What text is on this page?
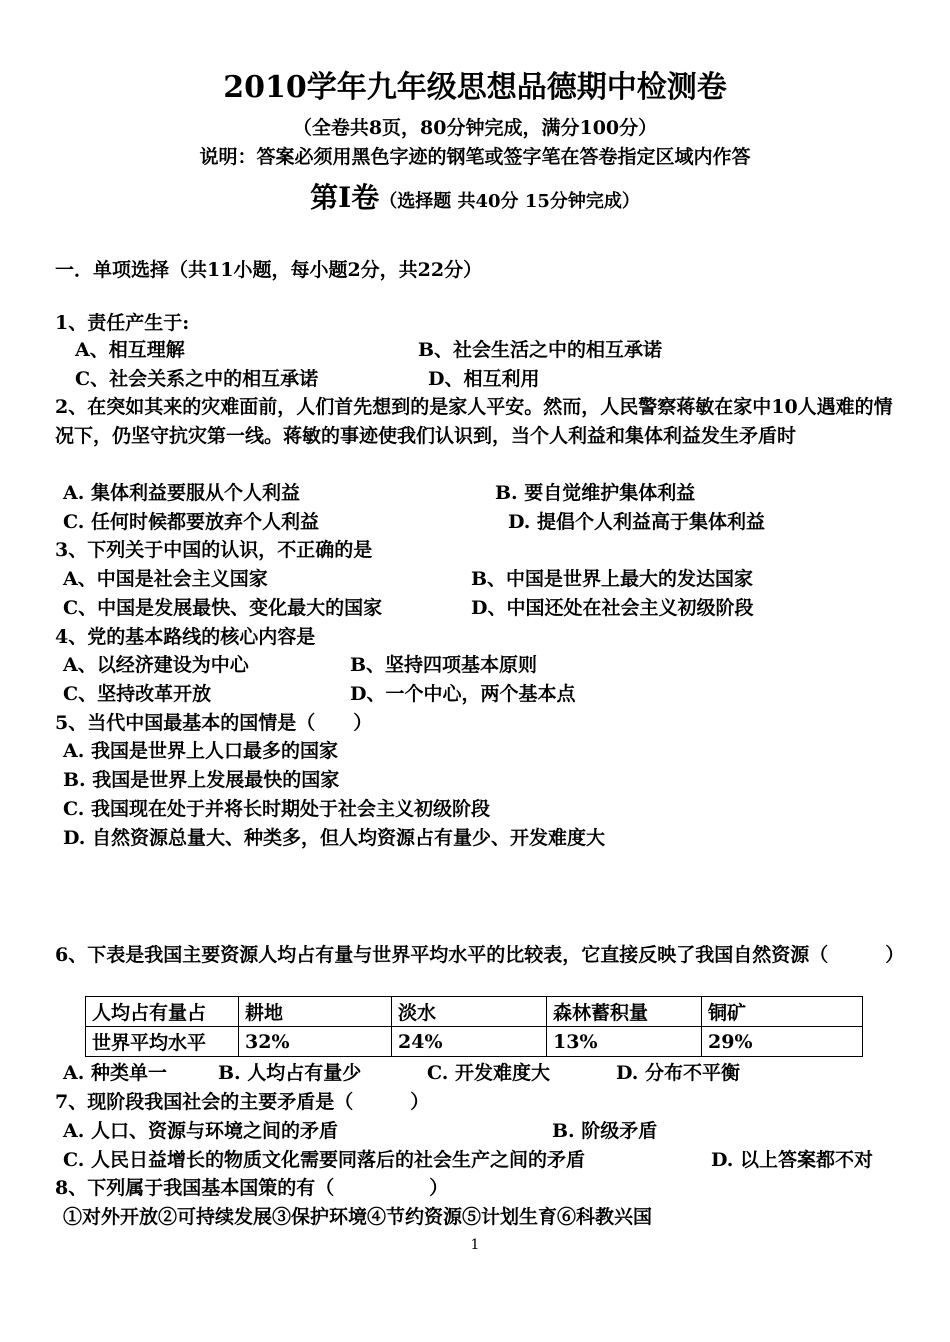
2010学年九年级思想品德期中检测卷
（全卷共8页，80分钟完成，满分100分）
说明：答案必须用黑色字迹的钢笔或签字笔在答卷指定区域内作答
第Ⅰ卷（选择题 共40分 15分钟完成）
一．单项选择（共11小题，每小题2分，共22分）
1、责任产生于:
A、相互理解	B、社会生活之中的相互承诺
C、社会关系之中的相互承诺	D、相互利用
2、在突如其来的灾难面前，人们首先想到的是家人平安。然而，人民警察蒋敏在家中10人遇难的情况下，仍坚守抗灾第一线。蒋敏的事迹使我们认识到，当个人利益和集体利益发生矛盾时
A. 集体利益要服从个人利益	B. 要自觉维护集体利益
C. 任何时候都要放弃个人利益	D. 提倡个人利益高于集体利益
3、下列关于中国的认识，不正确的是
A、中国是社会主义国家	B、中国是世界上最大的发达国家
C、中国是发展最快、变化最大的国家	D、中国还处在社会主义初级阶段
4、党的基本路线的核心内容是
A、以经济建设为中心	B、坚持四项基本原则
C、坚持改革开放	D、一个中心，两个基本点
5、当代中国最基本的国情是（　　）
A. 我国是世界上人口最多的国家
B. 我国是世界上发展最快的国家
C. 我国现在处于并将长时期处于社会主义初级阶段
D. 自然资源总量大、种类多，但人均资源占有量少、开发难度大
6、下表是我国主要资源人均占有量与世界平均水平的比较表，它直接反映了我国自然资源（　　　）
人均占有量占	耕地	淡水	森林蓄积量	铜矿
世界平均水平	32%	24%	13%	29%
A. 种类单一	B. 人均占有量少	C. 开发难度大	D. 分布不平衡
7、现阶段我国社会的主要矛盾是（　　　）
A. 人口、资源与环境之间的矛盾	B. 阶级矛盾
C. 人民日益增长的物质文化需要同落后的社会生产之间的矛盾	D. 以上答案都不对
8、下列属于我国基本国策的有（　　　　　）
①对外开放②可持续发展③保护环境④节约资源⑤计划生育⑥科教兴国
1
